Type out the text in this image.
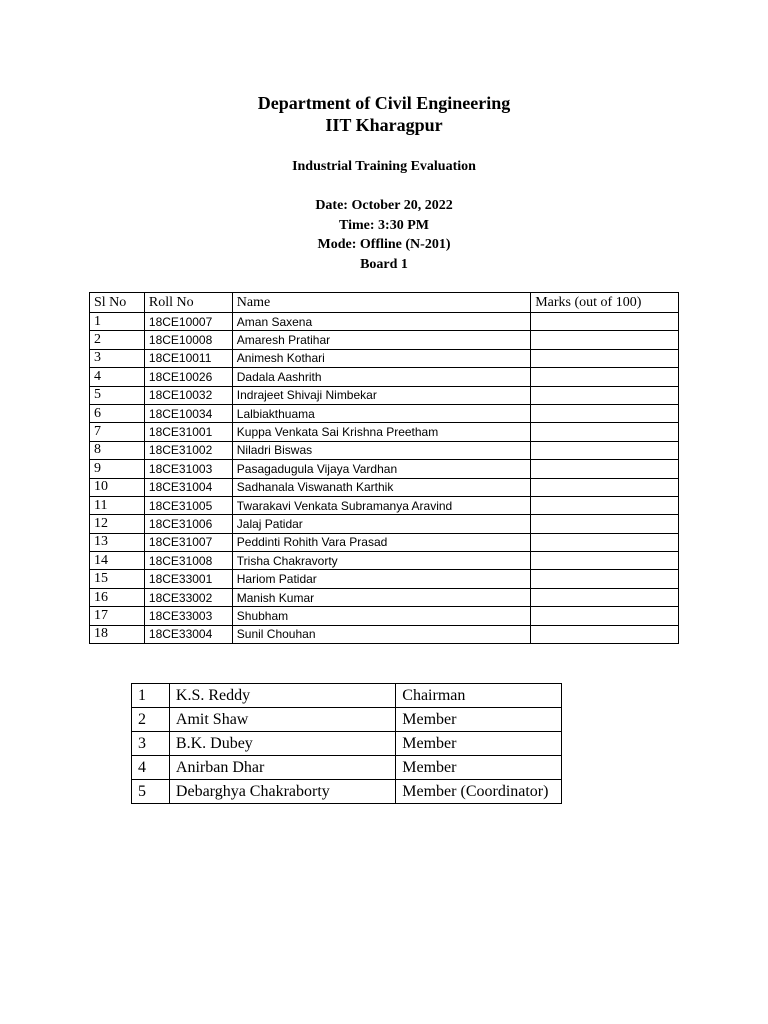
Department of Civil Engineering
IIT Kharagpur
Industrial Training Evaluation
Date: October 20, 2022
Time: 3:30 PM
Mode: Offline (N-201)
Board 1
Sl No	Roll No	Name	Marks (out of 100)
1	18CE10007	Aman Saxena	
2	18CE10008	Amaresh Pratihar	
3	18CE10011	Animesh Kothari	
4	18CE10026	Dadala Aashrith	
5	18CE10032	Indrajeet Shivaji Nimbekar	
6	18CE10034	Lalbiakthuama	
7	18CE31001	Kuppa Venkata Sai Krishna Preetham	
8	18CE31002	Niladri Biswas	
9	18CE31003	Pasagadugula Vijaya Vardhan	
10	18CE31004	Sadhanala Viswanath Karthik	
11	18CE31005	Twarakavi Venkata Subramanya Aravind	
12	18CE31006	Jalaj Patidar	
13	18CE31007	Peddinti Rohith Vara Prasad	
14	18CE31008	Trisha Chakravorty	
15	18CE33001	Hariom Patidar	
16	18CE33002	Manish Kumar	
17	18CE33003	Shubham	
18	18CE33004	Sunil Chouhan	
1	K.S. Reddy	Chairman
2	Amit Shaw	Member
3	B.K. Dubey	Member
4	Anirban Dhar	Member
5	Debarghya Chakraborty	Member (Coordinator)
